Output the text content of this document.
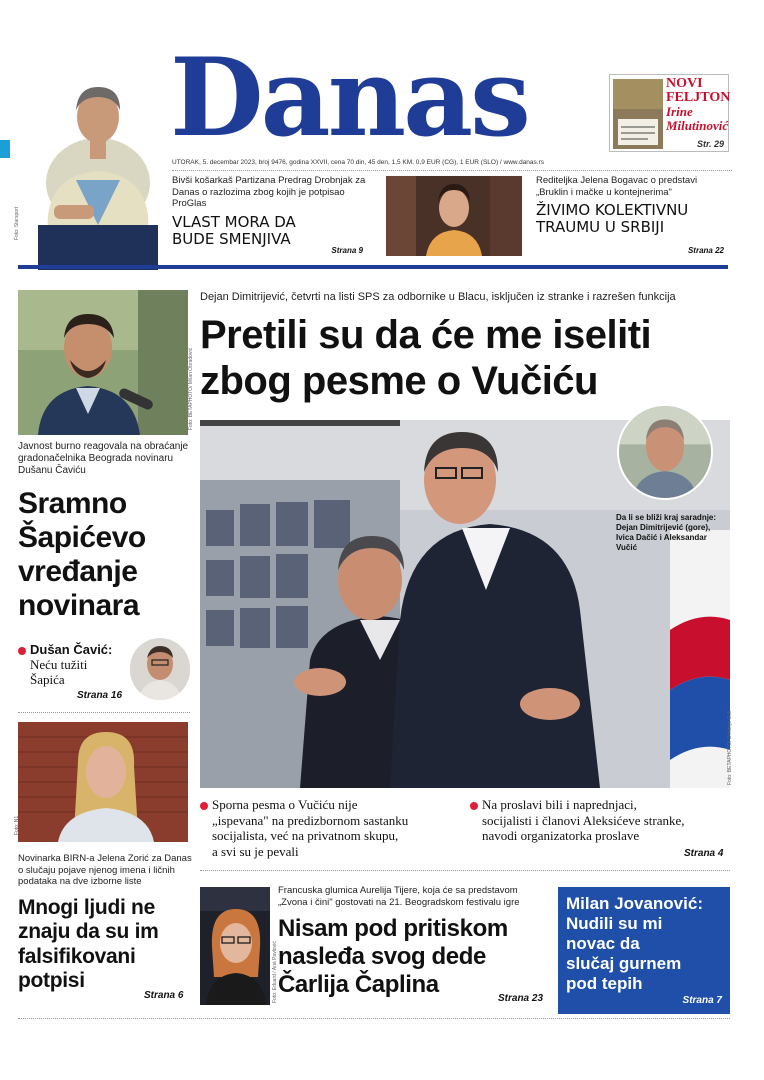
Danas	NOVI
FELJTON
Irine
Milutinović
Str. 29
UTORAK, 5. decembar 2023, broj 9476, godina XXVII, cena 70 din, 45 den, 1,5 KM, 0,9 EUR (CG), 1 EUR (SLO) / www.danas.rs
Foto: Starsport
Bivši košarkaš Partizana Predrag Drobnjak za Danas o razlozima zbog kojih je potpisao ProGlas
VLAST MORA DA
BUDE SMENJIVA
Strana 9
Rediteljka Jelena Bogavac o predstavi „Bruklin i mačke u kontejnerima"
ŽIVIMO KOLEKTIVNU
TRAUMU U SRBIJI
Strana 22
Foto: BETAPHOTO/ Milan Obradović
Javnost burno reagovala na obraćanje gradonačelnika Beograda novinaru Dušanu Čaviću
Sramno
Šapićevo
vređanje
novinara
Dušan Čavić:
Neću tužiti
Šapića
Strana 16
Foto: N1
Novinarka BIRN-a Jelena Zorić za Danas o slučaju pojave njenog imena i ličnih podataka na dve izborne liste
Mnogi ljudi ne
znaju da su im
falsifikovani
potpisi
Strana 6
Dejan Dimitrijević, četvrti na listi SPS za odbornike u Blacu, isključen iz stranke i razrešen funkcija
Pretili su da će me iseliti
zbog pesme o Vučiću
Da li se bliži kraj saradnje:
Dejan Dimitrijević (gore),
Ivica Dačić i Aleksandar Vučić
Foto: BETAPHOTO/ Dimitrije Goll
Sporna pesma o Vučiću nije
„ispevana" na predizbornom sastanku
socijalista, već na privatnom skupu,
a svi su je pevali
Na proslavi bili i naprednjaci,
socijalisti i članovi Aleksićeve stranke,
navodi organizatorka proslave
Strana 4
Foto: Eduard / Ana Pavlović
Francuska glumica Aurelija Tijere, koja će sa predstavom
„Zvona i čini" gostovati na 21. Beogradskom festivalu igre
Nisam pod pritiskom
nasleđa svog dede
Čarlija Čaplina
Strana 23
Milan Jovanović:
Nudili su mi
novac da
slučaj gurnem
pod tepih
Strana 7
